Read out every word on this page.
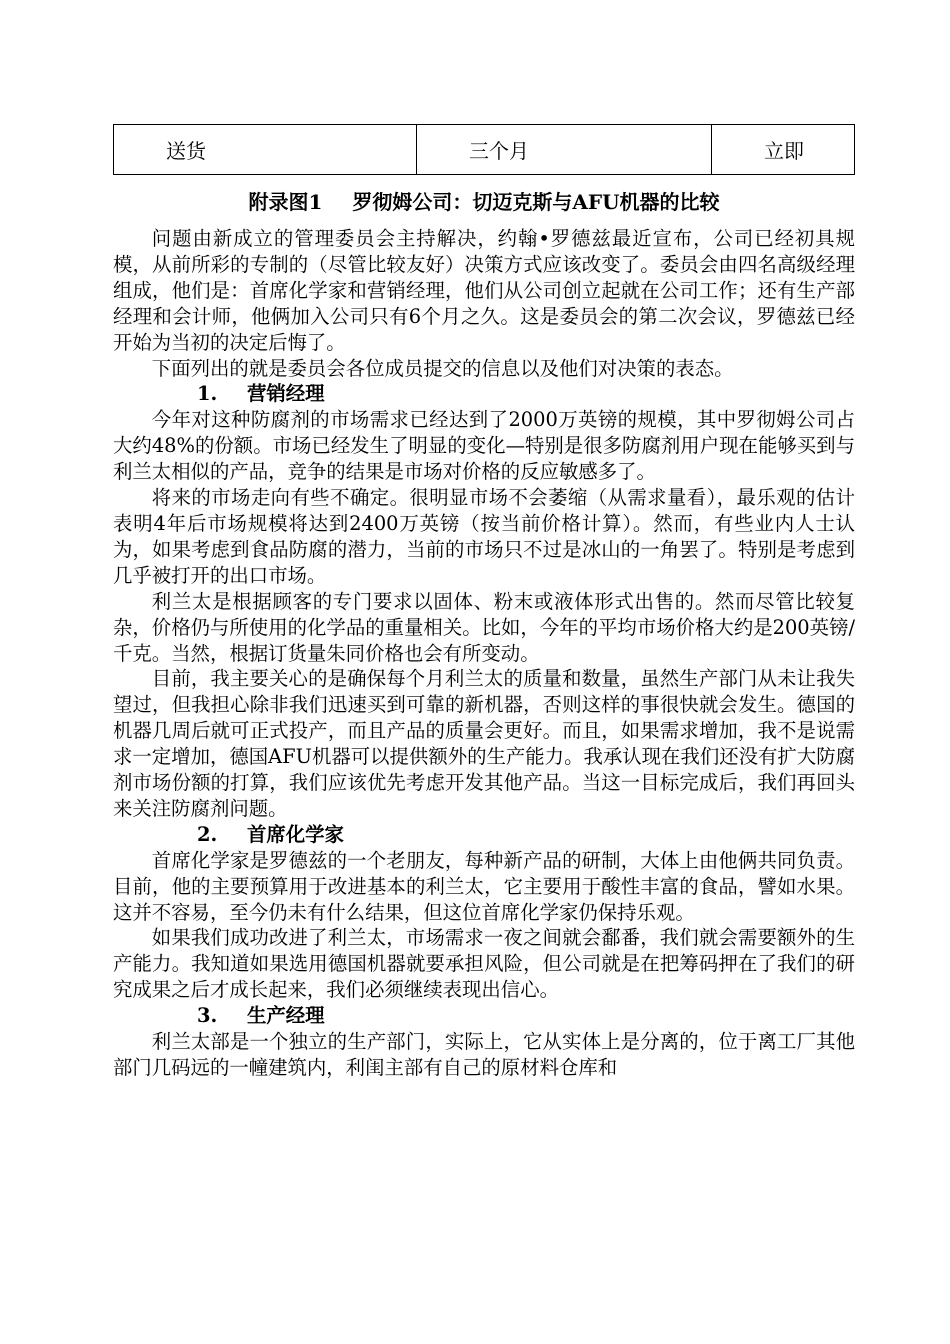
送货	三个月	立即
附录图1 罗彻姆公司：切迈克斯与AFU机器的比较

问题由新成立的管理委员会主持解决，约翰•罗德兹最近宣布，公司已经初具规模，从前所彩的专制的（尽管比较友好）决策方式应该改变了。委员会由四名高级经理组成，他们是：首席化学家和营销经理，他们从公司创立起就在公司工作；还有生产部经理和会计师，他俩加入公司只有6个月之久。这是委员会的第二次会议，罗德兹已经开始为当初的决定后悔了。

下面列出的就是委员会各位成员提交的信息以及他们对决策的表态。

1. 营销经理

今年对这种防腐剂的市场需求已经达到了2000万英镑的规模，其中罗彻姆公司占大约48%的份额。市场已经发生了明显的变化—特别是很多防腐剂用户现在能够买到与利兰太相似的产品，竞争的结果是市场对价格的反应敏感多了。

将来的市场走向有些不确定。很明显市场不会萎缩（从需求量看），最乐观的估计表明4年后市场规模将达到2400万英镑（按当前价格计算）。然而，有些业内人士认为，如果考虑到食品防腐的潜力，当前的市场只不过是冰山的一角罢了。特别是考虑到几乎被打开的出口市场。

利兰太是根据顾客的专门要求以固体、粉末或液体形式出售的。然而尽管比较复杂，价格仍与所使用的化学品的重量相关。比如，今年的平均市场价格大约是200英镑/千克。当然，根据订货量朱同价格也会有所变动。

目前，我主要关心的是确保每个月利兰太的质量和数量，虽然生产部门从未让我失望过，但我担心除非我们迅速买到可靠的新机器，否则这样的事很快就会发生。德国的机器几周后就可正式投产，而且产品的质量会更好。而且，如果需求增加，我不是说需求一定增加，德国AFU机器可以提供额外的生产能力。我承认现在我们还没有扩大防腐剂市场份额的打算，我们应该优先考虑开发其他产品。当这一目标完成后，我们再回头来关注防腐剂问题。

2. 首席化学家

首席化学家是罗德兹的一个老朋友，每种新产品的研制，大体上由他俩共同负责。目前，他的主要预算用于改进基本的利兰太，它主要用于酸性丰富的食品，譬如水果。这并不容易，至今仍未有什么结果，但这位首席化学家仍保持乐观。

如果我们成功改进了利兰太，市场需求一夜之间就会鄱番，我们就会需要额外的生产能力。我知道如果选用德国机器就要承担风险，但公司就是在把筹码押在了我们的研究成果之后才成长起来，我们必须继续表现出信心。

3. 生产经理

利兰太部是一个独立的生产部门，实际上，它从实体上是分离的，位于离工厂其他部门几码远的一幢建筑内，利闺主部有自己的原材料仓库和
